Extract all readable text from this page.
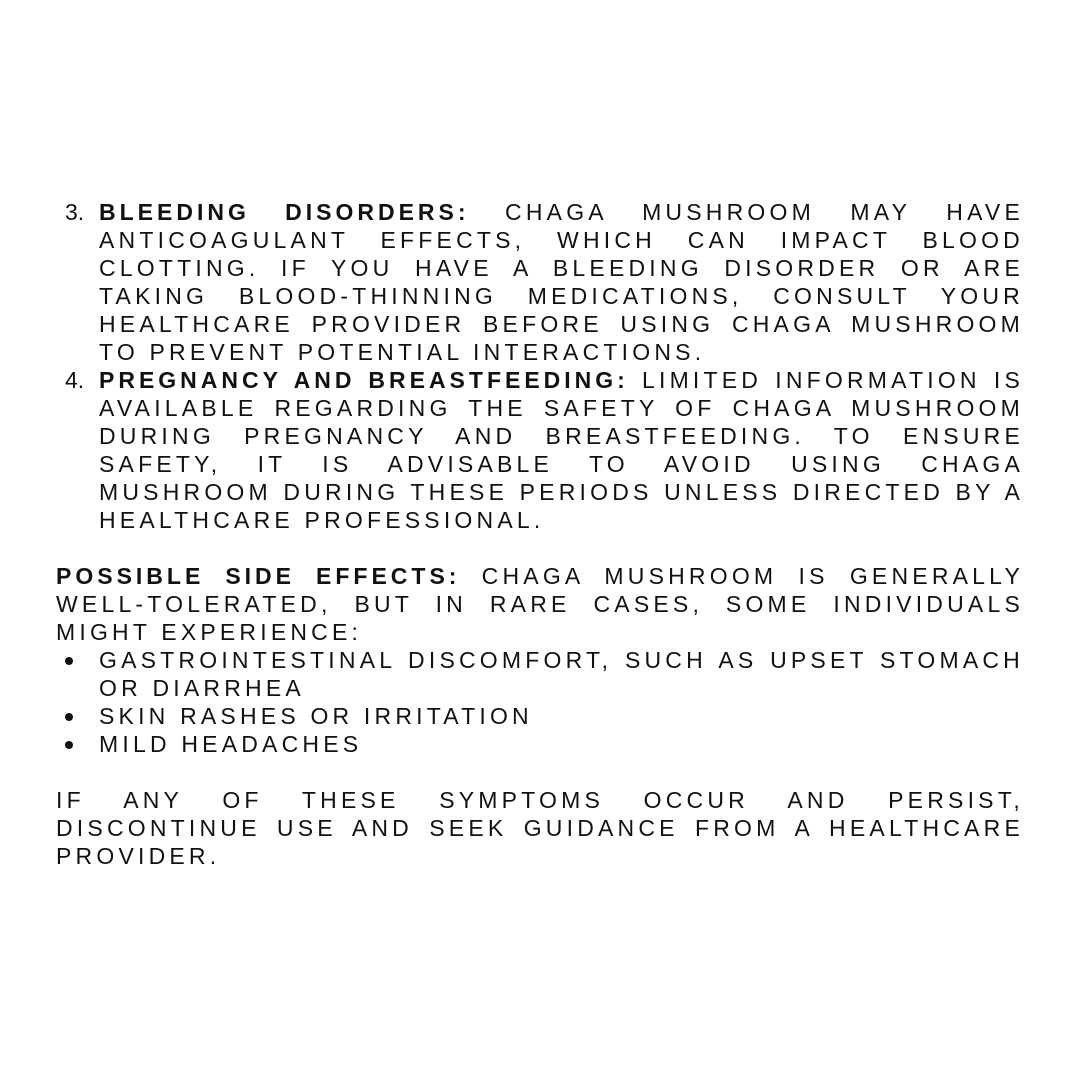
3. BLEEDING DISORDERS: CHAGA MUSHROOM MAY HAVE ANTICOAGULANT EFFECTS, WHICH CAN IMPACT BLOOD CLOTTING. IF YOU HAVE A BLEEDING DISORDER OR ARE TAKING BLOOD-THINNING MEDICATIONS, CONSULT YOUR HEALTHCARE PROVIDER BEFORE USING CHAGA MUSHROOM TO PREVENT POTENTIAL INTERACTIONS.
4. PREGNANCY AND BREASTFEEDING: LIMITED INFORMATION IS AVAILABLE REGARDING THE SAFETY OF CHAGA MUSHROOM DURING PREGNANCY AND BREASTFEEDING. TO ENSURE SAFETY, IT IS ADVISABLE TO AVOID USING CHAGA MUSHROOM DURING THESE PERIODS UNLESS DIRECTED BY A HEALTHCARE PROFESSIONAL.

POSSIBLE SIDE EFFECTS: CHAGA MUSHROOM IS GENERALLY WELL-TOLERATED, BUT IN RARE CASES, SOME INDIVIDUALS MIGHT EXPERIENCE:

GASTROINTESTINAL DISCOMFORT, SUCH AS UPSET STOMACH OR DIARRHEA
SKIN RASHES OR IRRITATION
MILD HEADACHES

IF ANY OF THESE SYMPTOMS OCCUR AND PERSIST, DISCONTINUE USE AND SEEK GUIDANCE FROM A HEALTHCARE PROVIDER.
